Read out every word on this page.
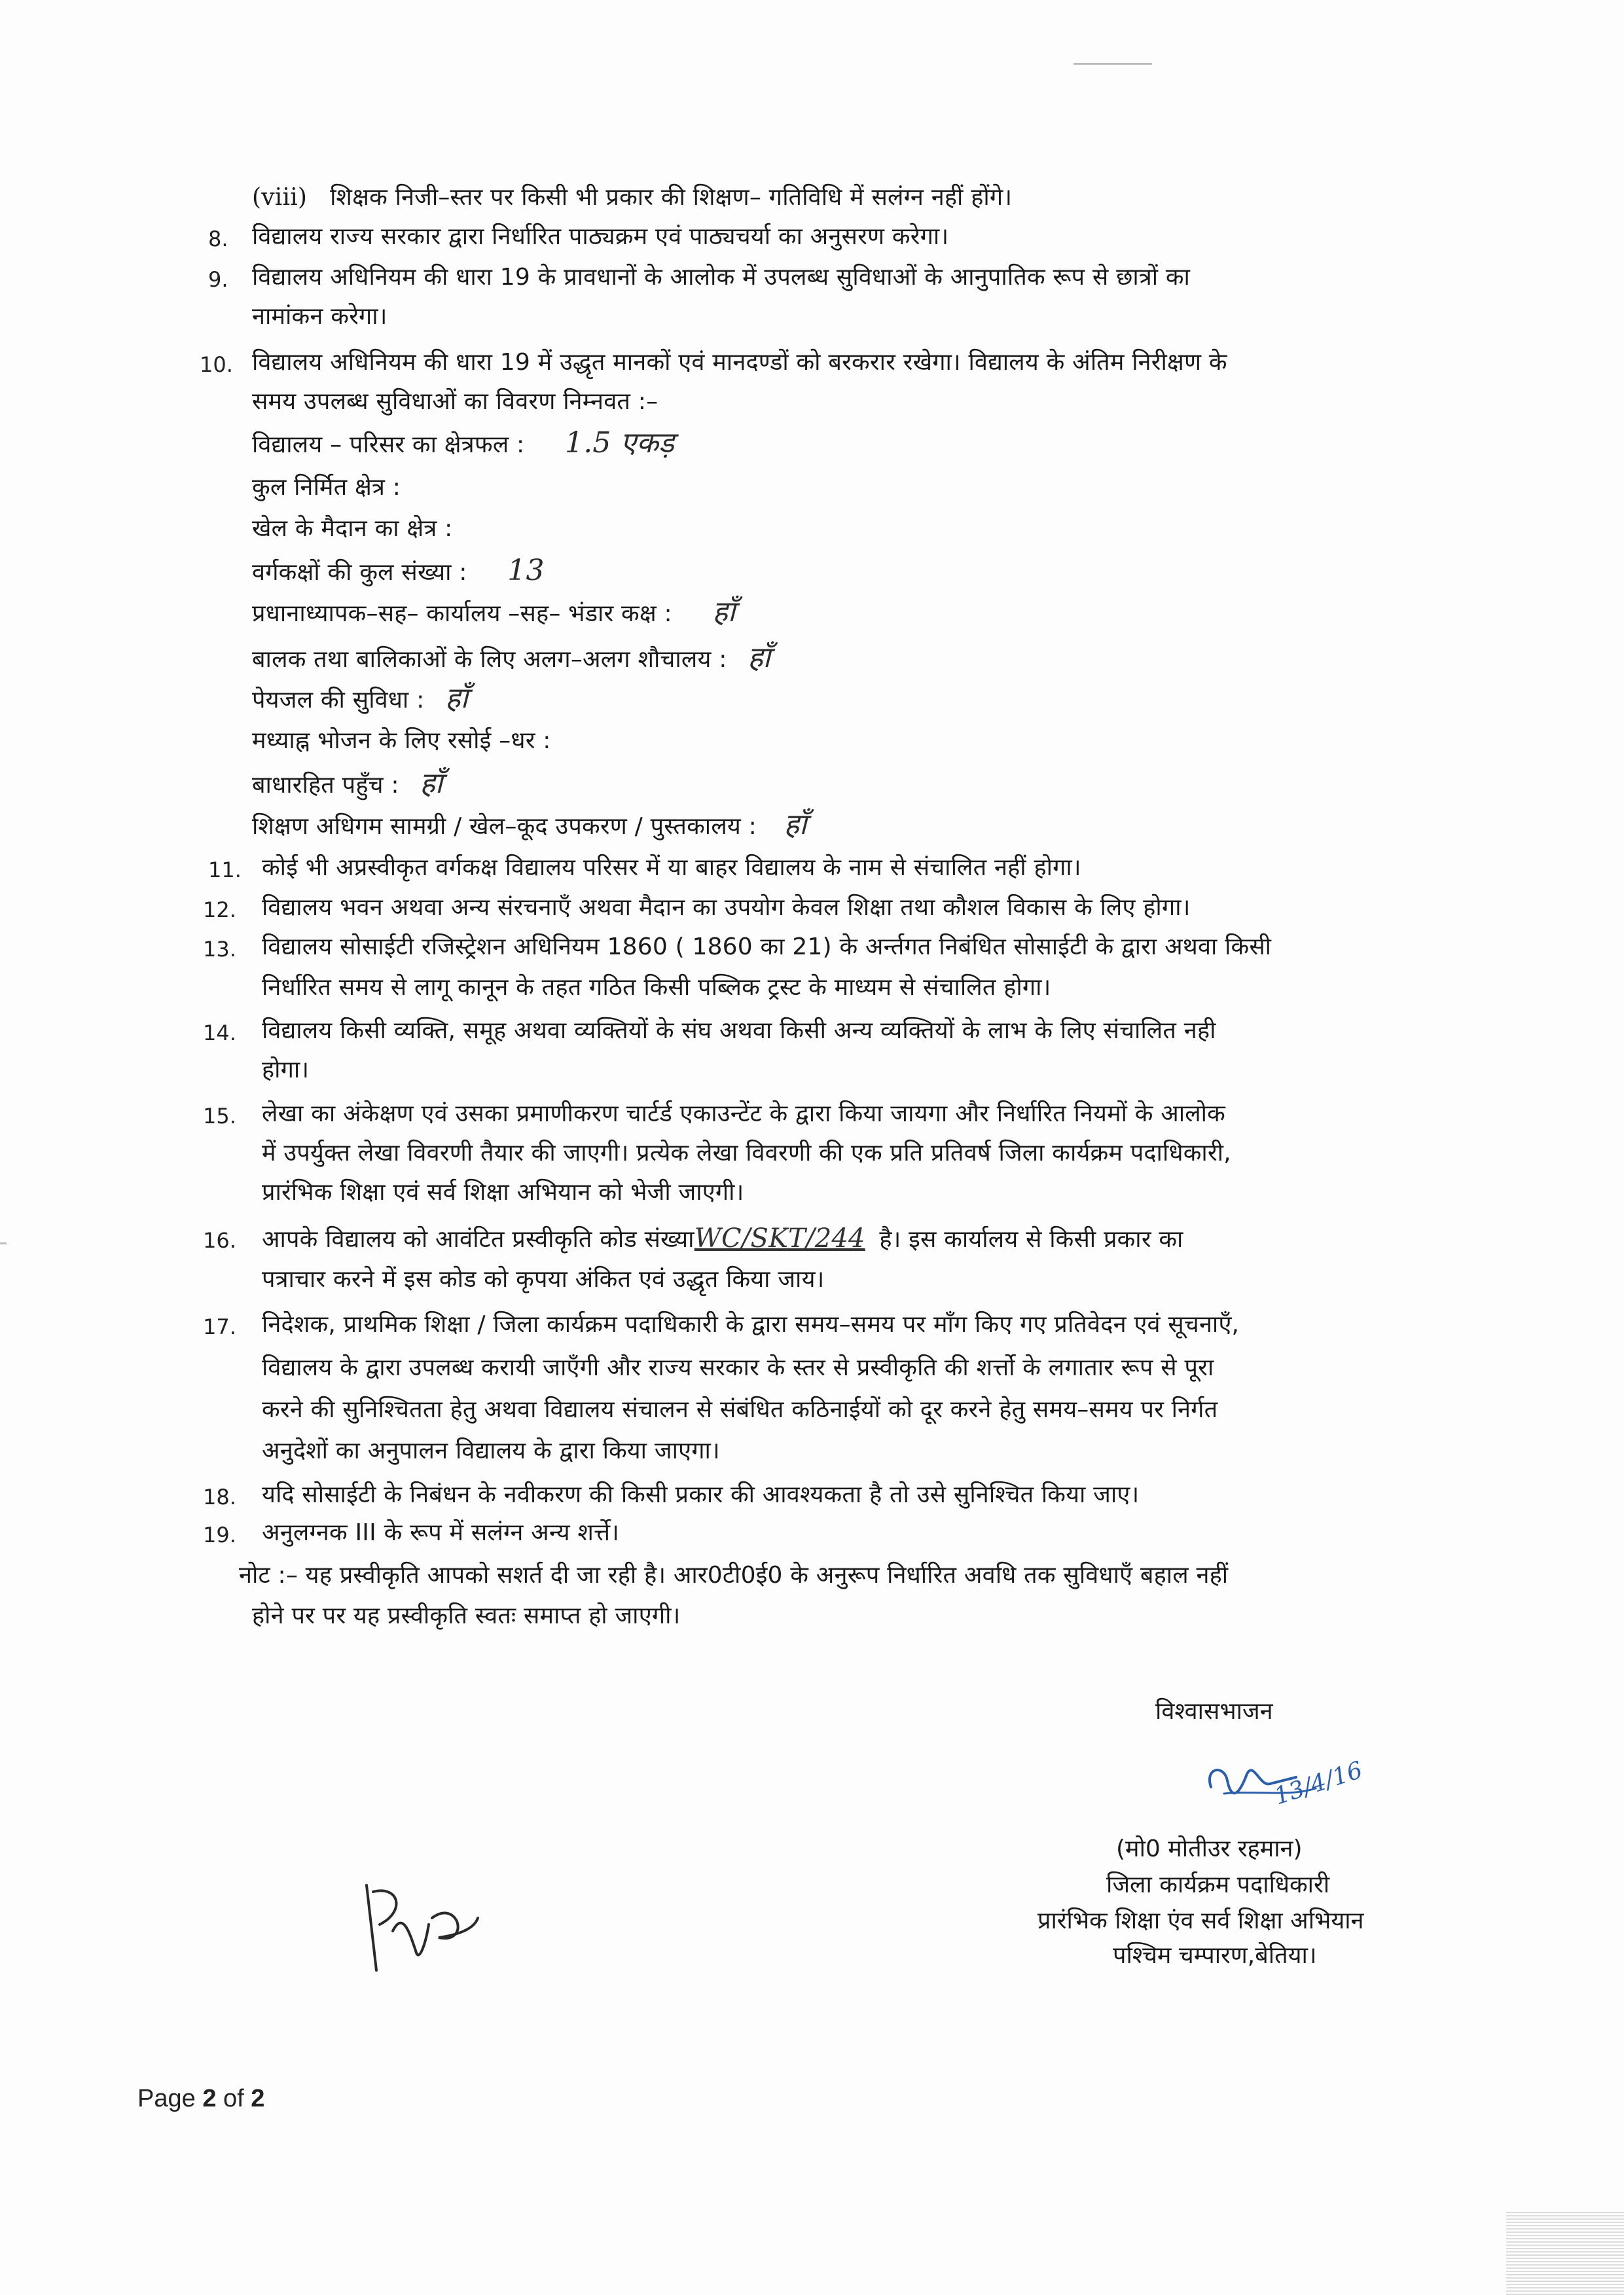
(viii) शिक्षक निजी–स्तर पर किसी भी प्रकार की शिक्षण– गतिविधि में सलंग्न नहीं होंगे।
8. विद्यालय राज्य सरकार द्वारा निर्धारित पाठ्यक्रम एवं पाठ्यचर्या का अनुसरण करेगा।
9. विद्यालय अधिनियम की धारा 19 के प्रावधानों के आलोक में उपलब्ध सुविधाओं के आनुपातिक रूप से छात्रों का
नामांकन करेगा।
10. विद्यालय अधिनियम की धारा 19 में उद्धृत मानकों एवं मानदण्डों को बरकरार रखेगा। विद्यालय के अंतिम निरीक्षण के
समय उपलब्ध सुविधाओं का विवरण निम्नवत :–
विद्यालय – परिसर का क्षेत्रफल : 1.5 एकड़
कुल निर्मित क्षेत्र :
खेल के मैदान का क्षेत्र :
वर्गकक्षों की कुल संख्या : 13
प्रधानाध्यापक–सह– कार्यालय –सह– भंडार कक्ष : हाँ
बालक तथा बालिकाओं के लिए अलग–अलग शौचालय : हाँ
पेयजल की सुविधा : हाँ
मध्याह्न भोजन के लिए रसोई –धर :
बाधारहित पहुँच : हाँ
शिक्षण अधिगम सामग्री / खेल–कूद उपकरण / पुस्तकालय : हाँ
11. कोई भी अप्रस्वीकृत वर्गकक्ष विद्यालय परिसर में या बाहर विद्यालय के नाम से संचालित नहीं होगा।
12. विद्यालय भवन अथवा अन्य संरचनाएँ अथवा मैदान का उपयोग केवल शिक्षा तथा कौशल विकास के लिए होगा।
13. विद्यालय सोसाईटी रजिस्ट्रेशन अधिनियम 1860 ( 1860 का 21) के अर्न्तगत निबंधित सोसाईटी के द्वारा अथवा किसी
निर्धारित समय से लागू कानून के तहत गठित किसी पब्लिक ट्रस्ट के माध्यम से संचालित होगा।
14. विद्यालय किसी व्यक्ति, समूह अथवा व्यक्तियों के संघ अथवा किसी अन्य व्यक्तियों के लाभ के लिए संचालित नही
होगा।
15. लेखा का अंकेक्षण एवं उसका प्रमाणीकरण चार्टर्ड एकाउन्टेंट के द्वारा किया जायगा और निर्धारित नियमों के आलोक
में उपर्युक्त लेखा विवरणी तैयार की जाएगी। प्रत्येक लेखा विवरणी की एक प्रति प्रतिवर्ष जिला कार्यक्रम पदाधिकारी,
प्रारंभिक शिक्षा एवं सर्व शिक्षा अभियान को भेजी जाएगी।
16. आपके विद्यालय को आवंटित प्रस्वीकृति कोड संख्याWC/SKT/244 है। इस कार्यालय से किसी प्रकार का
पत्राचार करने में इस कोड को कृपया अंकित एवं उद्धृत किया जाय।
17. निदेशक, प्राथमिक शिक्षा / जिला कार्यक्रम पदाधिकारी के द्वारा समय–समय पर माँग किए गए प्रतिवेदन एवं सूचनाएँ,
विद्यालय के द्वारा उपलब्ध करायी जाएँगी और राज्य सरकार के स्तर से प्रस्वीकृति की शर्त्तो के लगातार रूप से पूरा
करने की सुनिश्चितता हेतु अथवा विद्यालय संचालन से संबंधित कठिनाईयों को दूर करने हेतु समय–समय पर निर्गत
अनुदेशों का अनुपालन विद्यालय के द्वारा किया जाएगा।
18. यदि सोसाईटी के निबंधन के नवीकरण की किसी प्रकार की आवश्यकता है तो उसे सुनिश्चित किया जाए।
19. अनुलग्नक III के रूप में सलंग्न अन्य शर्त्ते।
नोट :– यह प्रस्वीकृति आपको सशर्त दी जा रही है। आर0टी0ई0 के अनुरूप निर्धारित अवधि तक सुविधाएँ बहाल नहीं
होने पर पर यह प्रस्वीकृति स्वतः समाप्त हो जाएगी।
विश्वासभाजन
13/4/16
(मो0 मोतीउर रहमान)
जिला कार्यक्रम पदाधिकारी
प्रारंभिक शिक्षा एंव सर्व शिक्षा अभियान
पश्चिम चम्पारण,बेतिया।
Page 2 of 2
